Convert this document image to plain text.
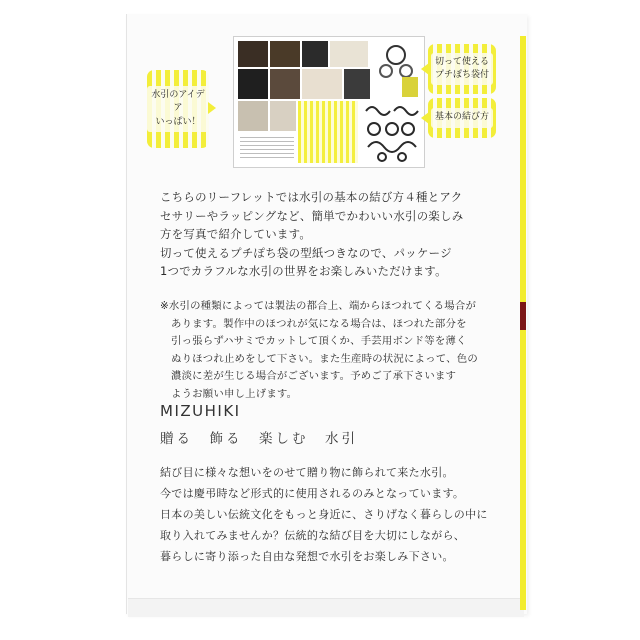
水引のアイデア
いっぱい！
切って使える
プチぽち袋付
基本の結び方

こちらのリーフレットでは水引の基本の結び方４種とアク

セサリーやラッピングなど、簡単でかわいい水引の楽しみ

方を写真で紹介しています。

切って使えるプチぽち袋の型紙つきなので、パッケージ

1つでカラフルな水引の世界をお楽しみいただけます。

※水引の種類によっては製法の都合上、端からほつれてくる場合が

あります。製作中のほつれが気になる場合は、ほつれた部分を

引っ張らずハサミでカットして頂くか、手芸用ボンド等を薄く

ぬりほつれ止めをして下さい。また生産時の状況によって、色の

濃淡に差が生じる場合がございます。予めご了承下さいます

ようお願い申し上げます。

MIZUHIKI
贈る　飾る　楽しむ　水引

結び目に様々な想いをのせて贈り物に飾られて来た水引。

今では慶弔時など形式的に使用されるのみとなっています。

日本の美しい伝統文化をもっと身近に、さりげなく暮らしの中に

取り入れてみませんか？伝統的な結び目を大切にしながら、

暮らしに寄り添った自由な発想で水引をお楽しみ下さい。
